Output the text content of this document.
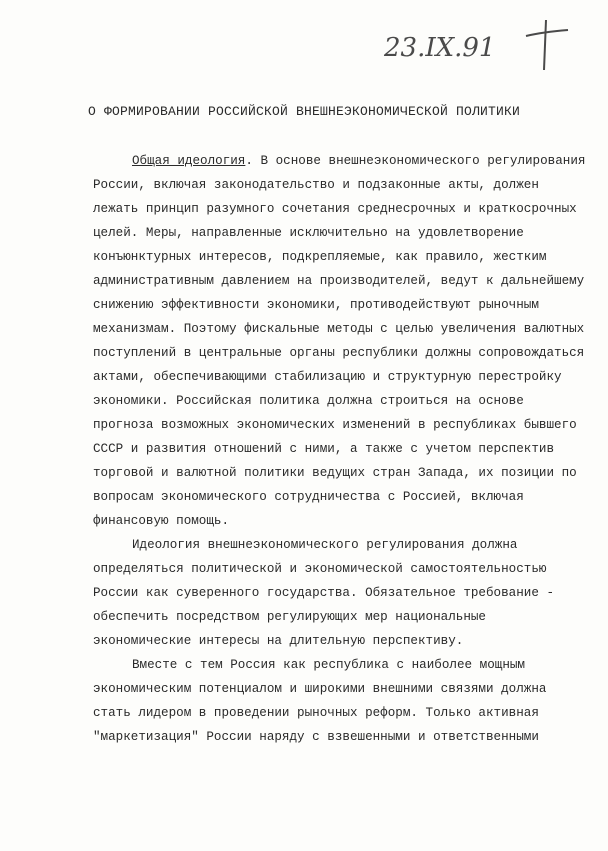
23.IX.91
О ФОРМИРОВАНИИ РОССИЙСКОЙ ВНЕШНЕЭКОНОМИЧЕСКОЙ ПОЛИТИКИ
Общая идеология. В основе внешнеэкономического регулирования
России, включая законодательство и подзаконные акты, должен
лежать принцип разумного сочетания среднесрочных и краткосрочных
целей. Меры, направленные исключительно на удовлетворение
конъюнктурных интересов, подкрепляемые, как правило, жестким
административным давлением на производителей, ведут к дальнейшему
снижению эффективности экономики, противодействуют рыночным
механизмам. Поэтому фискальные методы с целью увеличения валютных
поступлений в центральные органы республики должны сопровождаться
актами, обеспечивающими стабилизацию и структурную перестройку
экономики. Российская политика должна строиться на основе
прогноза возможных экономических изменений в республиках бывшего
СССР и развития отношений с ними, а также с учетом перспектив
торговой и валютной политики ведущих стран Запада, их позиции по
вопросам экономического сотрудничества с Россией, включая
финансовую помощь.
Идеология внешнеэкономического регулирования должна
определяться политической и экономической самостоятельностью
России как суверенного государства. Обязательное требование -
обеспечить посредством регулирующих мер национальные
экономические интересы на длительную перспективу.
Вместе с тем Россия как республика с наиболее мощным
экономическим потенциалом и широкими внешними связями должна
стать лидером в проведении рыночных реформ. Только активная
"маркетизация" России наряду с взвешенными и ответственными
